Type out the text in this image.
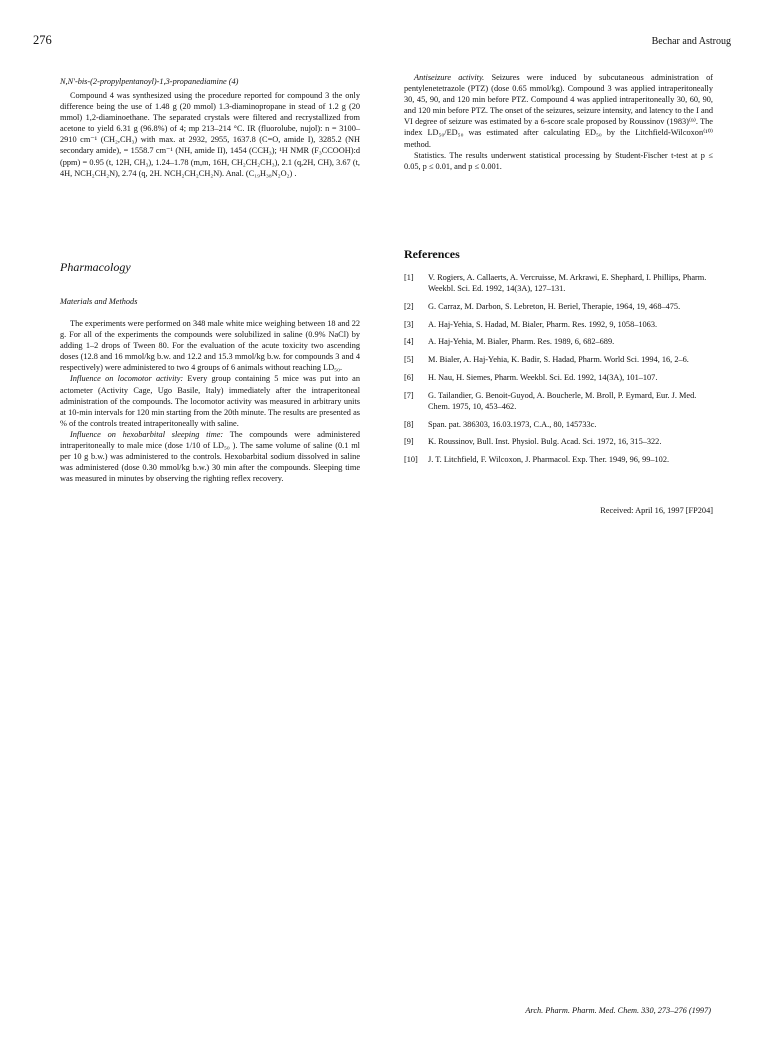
276	Bechar and Astroug
N,N′-bis-(2-propylpentanoyl)-1,3-propanediamine (4)

Compound 4 was synthesized using the procedure reported for compound 3 the only difference being the use of 1.48 g (20 mmol) 1.3-diaminopropane in stead of 1.2 g (20 mmol) 1,2-diaminoethane. The separated crystals were filtered and recrystallized from acetone to yield 6.31 g (96.8%) of 4; mp 213–214 °C. IR (fluorolube, nujol): n = 3100–2910 cm⁻¹ (CH₂,CH₃) with max. at 2932, 2955, 1637.8 (C=O, amide I), 3285.2 (NH secondary amide), = 1558.7 cm⁻¹ (NH, amide II), 1454 (CCH₃); ¹H NMR (F₃CCOOH):d (ppm) = 0.95 (t, 12H, CH₃), 1.24–1.78 (m,m, 16H, CH₂CH₂CH₃), 2.1 (q,2H, CH), 3.67 (t, 4H, NCH₂CH₂N), 2.74 (q, 2H. NCH₂CH₂CH₂N). Anal. (C₁₉H₃₈N₂O₂) .

Pharmacology
Materials and Methods

The experiments were performed on 348 male white mice weighing between 18 and 22 g. For all of the experiments the compounds were solubilized in saline (0.9% NaCl) by adding 1–2 drops of Tween 80. For the evaluation of the acute toxicity two ascending doses (12.8 and 16 mmol/kg b.w. and 12.2 and 15.3 mmol/kg b.w. for compounds 3 and 4 respectively) were administered to two 4 groups of 6 animals without reaching LD₅₀.

Influence on locomotor activity: Every group containing 5 mice was put into an actometer (Activity Cage, Ugo Basile, Italy) immediately after the intraperitoneal administration of the compounds. The locomotor activity was measured in arbitrary units at 10-min intervals for 120 min starting from the 20th minute. The results are presented as % of the controls treated intraperitoneally with saline.

Influence on hexobarbital sleeping time: The compounds were administered intraperitoneally to male mice (dose 1/10 of LD₅₀ ). The same volume of saline (0.1 ml per 10 g b.w.) was administered to the controls. Hexobarbital sodium dissolved in saline was administered (dose 0.30 mmol/kg b.w.) 30 min after the compounds. Sleeping time was measured in minutes by observing the righting reflex recovery.

Antiseizure activity. Seizures were induced by subcutaneous administration of pentylenetetrazole (PTZ) (dose 0.65 mmol/kg). Compound 3 was applied intraperitoneally 30, 45, 90, and 120 min before PTZ. Compound 4 was applied intraperitoneally 30, 60, 90, and 120 min before PTZ. The onset of the seizures, seizure intensity, and latency to the I and VI degree of seizure was estimated by a 6-score scale proposed by Roussinov (1983)⁽⁹⁾. The index LD₅₀/ED₅₀ was estimated after calculating ED₅₀ by the Litchfield-Wilcoxon⁽¹⁰⁾ method.

Statistics. The results underwent statistical processing by Student-Fischer t-test at p ≤ 0.05, p ≤ 0.01, and p ≤ 0.001.

References
[1]	V. Rogiers, A. Callaerts, A. Vercruisse, M. Arkrawi, E. Shephard, I. Phillips, Pharm. Weekbl. Sci. Ed. 1992, 14(3A), 127–131.
[2]	G. Carraz, M. Darbon, S. Lebreton, H. Beriel, Therapie, 1964, 19, 468–475.
[3]	A. Haj-Yehia, S. Hadad, M. Bialer, Pharm. Res. 1992, 9, 1058–1063.
[4]	A. Haj-Yehia, M. Bialer, Pharm. Res. 1989, 6, 682–689.
[5]	M. Bialer, A. Haj-Yehia, K. Badir, S. Hadad, Pharm. World Sci. 1994, 16, 2–6.
[6]	H. Nau, H. Siemes, Pharm. Weekbl. Sci. Ed. 1992, 14(3A), 101–107.
[7]	G. Tailandier, G. Benoit-Guyod, A. Boucherle, M. Broll, P. Eymard, Eur. J. Med. Chem. 1975, 10, 453–462.
[8]	Span. pat. 386303, 16.03.1973, C.A., 80, 145733c.
[9]	K. Roussinov, Bull. Inst. Physiol. Bulg. Acad. Sci. 1972, 16, 315–322.
[10]	J. T. Litchfield, F. Wilcoxon, J. Pharmacol. Exp. Ther. 1949, 96, 99–102.
Received: April 16, 1997 [FP204]
Arch. Pharm. Pharm. Med. Chem. 330, 273–276 (1997)
